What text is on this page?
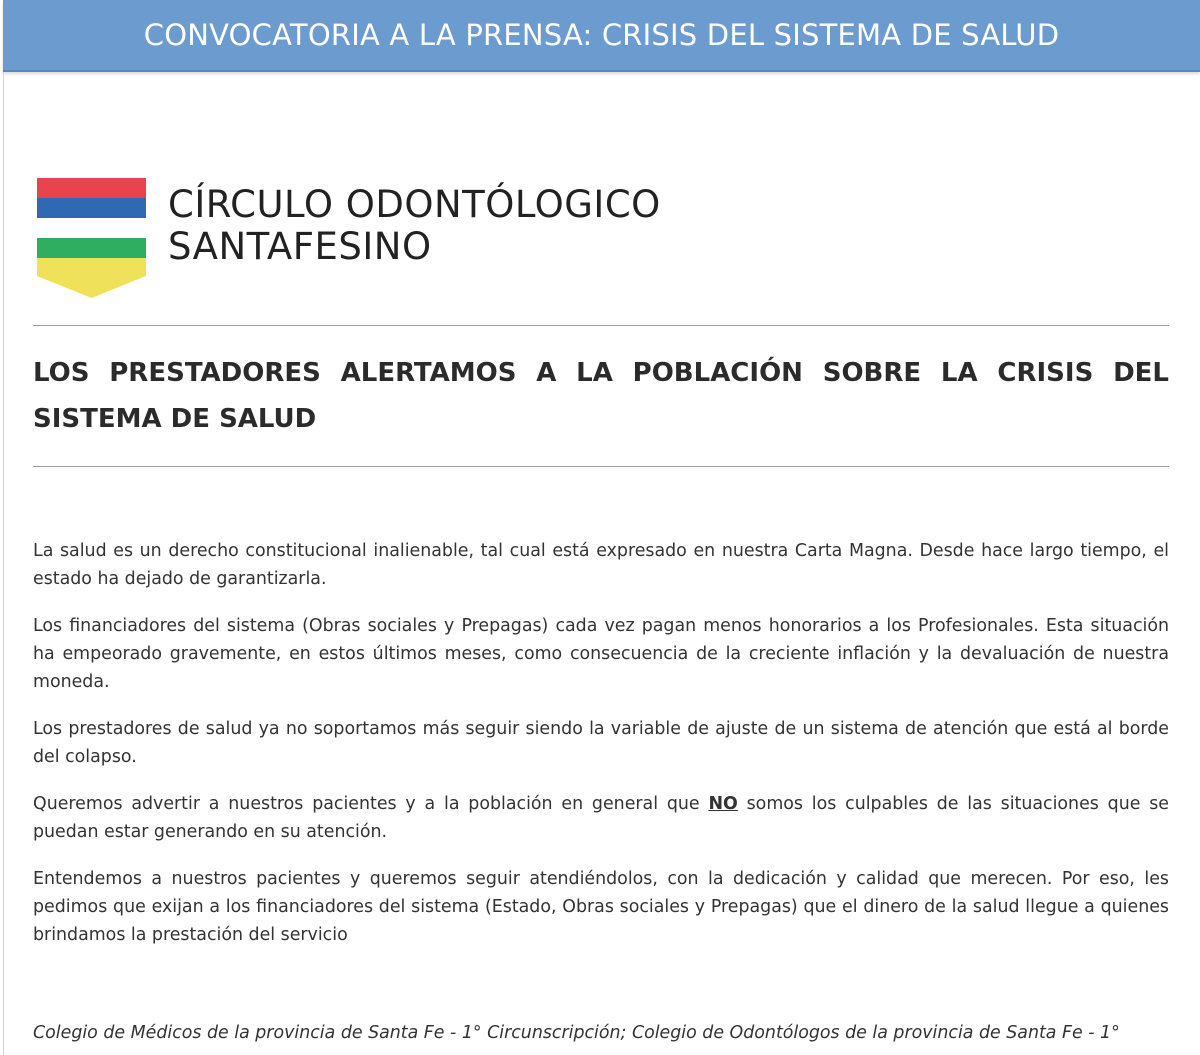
CONVOCATORIA A LA PRENSA: CRISIS DEL SISTEMA DE SALUD
CÍRCULO ODONTÓLOGICO
SANTAFESINO
LOS PRESTADORES ALERTAMOS A LA POBLACIÓN SOBRE LA CRISIS DEL SISTEMA DE SALUD

La salud es un derecho constitucional inalienable, tal cual está expresado en nuestra Carta Magna. Desde hace largo tiempo, el estado ha dejado de garantizarla.

Los financiadores del sistema (Obras sociales y Prepagas) cada vez pagan menos honorarios a los Profesionales. Esta situación ha empeorado gravemente, en estos últimos meses, como consecuencia de la creciente inflación y la devaluación de nuestra moneda.

Los prestadores de salud ya no soportamos más seguir siendo la variable de ajuste de un sistema de atención que está al borde del colapso.

Queremos advertir a nuestros pacientes y a la población en general que NO somos los culpables de las situaciones que se puedan estar generando en su atención.

Entendemos a nuestros pacientes y queremos seguir atendiéndolos, con la dedicación y calidad que merecen. Por eso, les pedimos que exijan a los financiadores del sistema (Estado, Obras sociales y Prepagas) que el dinero de la salud llegue a quienes brindamos la prestación del servicio

Colegio de Médicos de la provincia de Santa Fe - 1° Circunscripción; Colegio de Odontólogos de la provincia de Santa Fe - 1°
